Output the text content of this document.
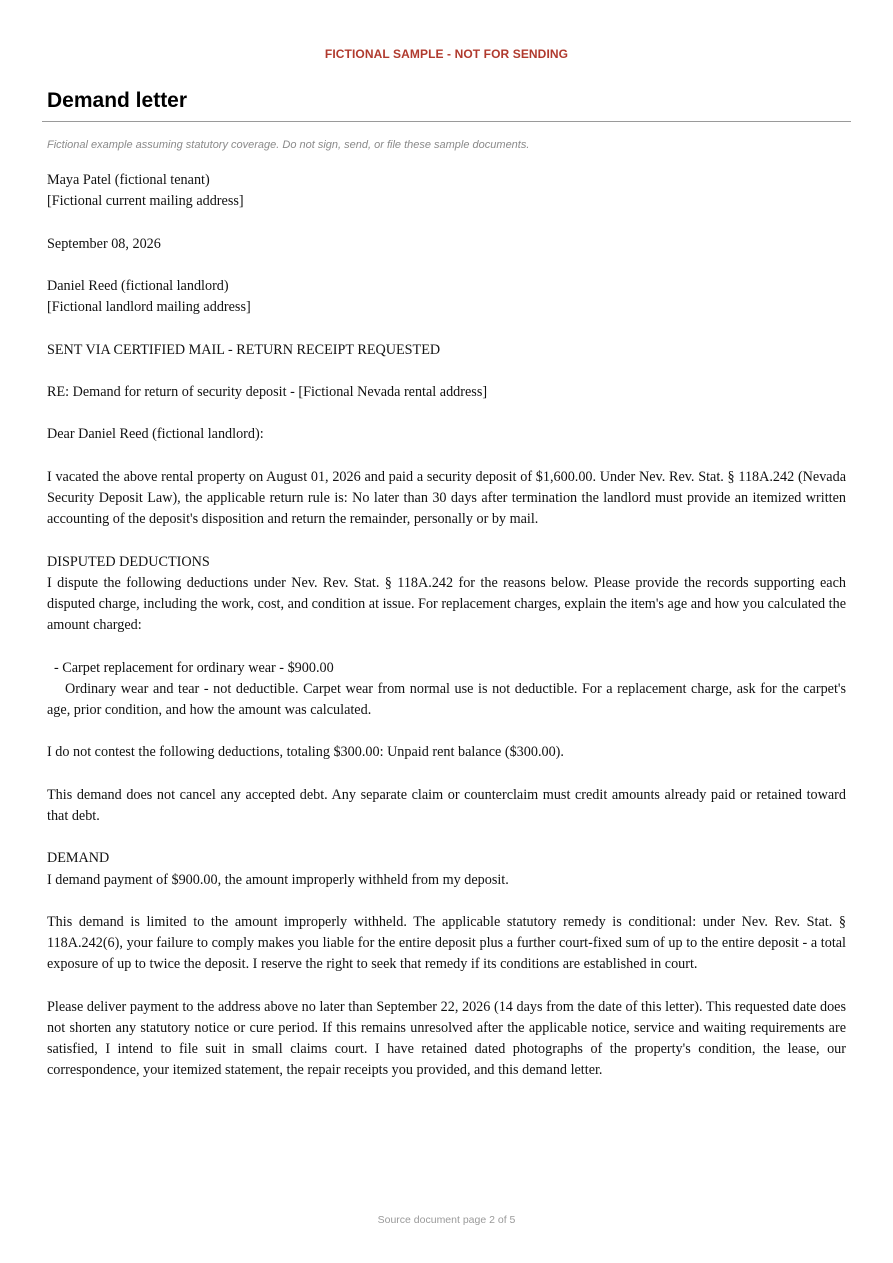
FICTIONAL SAMPLE - NOT FOR SENDING
Demand letter
Fictional example assuming statutory coverage. Do not sign, send, or file these sample documents.
Maya Patel (fictional tenant)
[Fictional current mailing address]

September 08, 2026

Daniel Reed (fictional landlord)
[Fictional landlord mailing address]

SENT VIA CERTIFIED MAIL - RETURN RECEIPT REQUESTED

RE: Demand for return of security deposit - [Fictional Nevada rental address]

Dear Daniel Reed (fictional landlord):

I vacated the above rental property on August 01, 2026 and paid a security deposit of $1,600.00. Under Nev. Rev. Stat. § 118A.242 (Nevada Security Deposit Law), the applicable return rule is: No later than 30 days after termination the landlord must provide an itemized written accounting of the deposit's disposition and return the remainder, personally or by mail.

DISPUTED DEDUCTIONS
I dispute the following deductions under Nev. Rev. Stat. § 118A.242 for the reasons below. Please provide the records supporting each disputed charge, including the work, cost, and condition at issue. For replacement charges, explain the item's age and how you calculated the amount charged:
- Carpet replacement for ordinary wear - $900.00
Ordinary wear and tear - not deductible. Carpet wear from normal use is not deductible. For a replacement charge, ask for the carpet's age, prior condition, and how the amount was calculated.

I do not contest the following deductions, totaling $300.00: Unpaid rent balance ($300.00).

This demand does not cancel any accepted debt. Any separate claim or counterclaim must credit amounts already paid or retained toward that debt.

DEMAND
I demand payment of $900.00, the amount improperly withheld from my deposit.

This demand is limited to the amount improperly withheld. The applicable statutory remedy is conditional: under Nev. Rev. Stat. § 118A.242(6), your failure to comply makes you liable for the entire deposit plus a further court-fixed sum of up to the entire deposit - a total exposure of up to twice the deposit. I reserve the right to seek that remedy if its conditions are established in court.

Please deliver payment to the address above no later than September 22, 2026 (14 days from the date of this letter). This requested date does not shorten any statutory notice or cure period. If this remains unresolved after the applicable notice, service and waiting requirements are satisfied, I intend to file suit in small claims court. I have retained dated photographs of the property's condition, the lease, our correspondence, your itemized statement, the repair receipts you provided, and this demand letter.

Source document page 2 of 5
